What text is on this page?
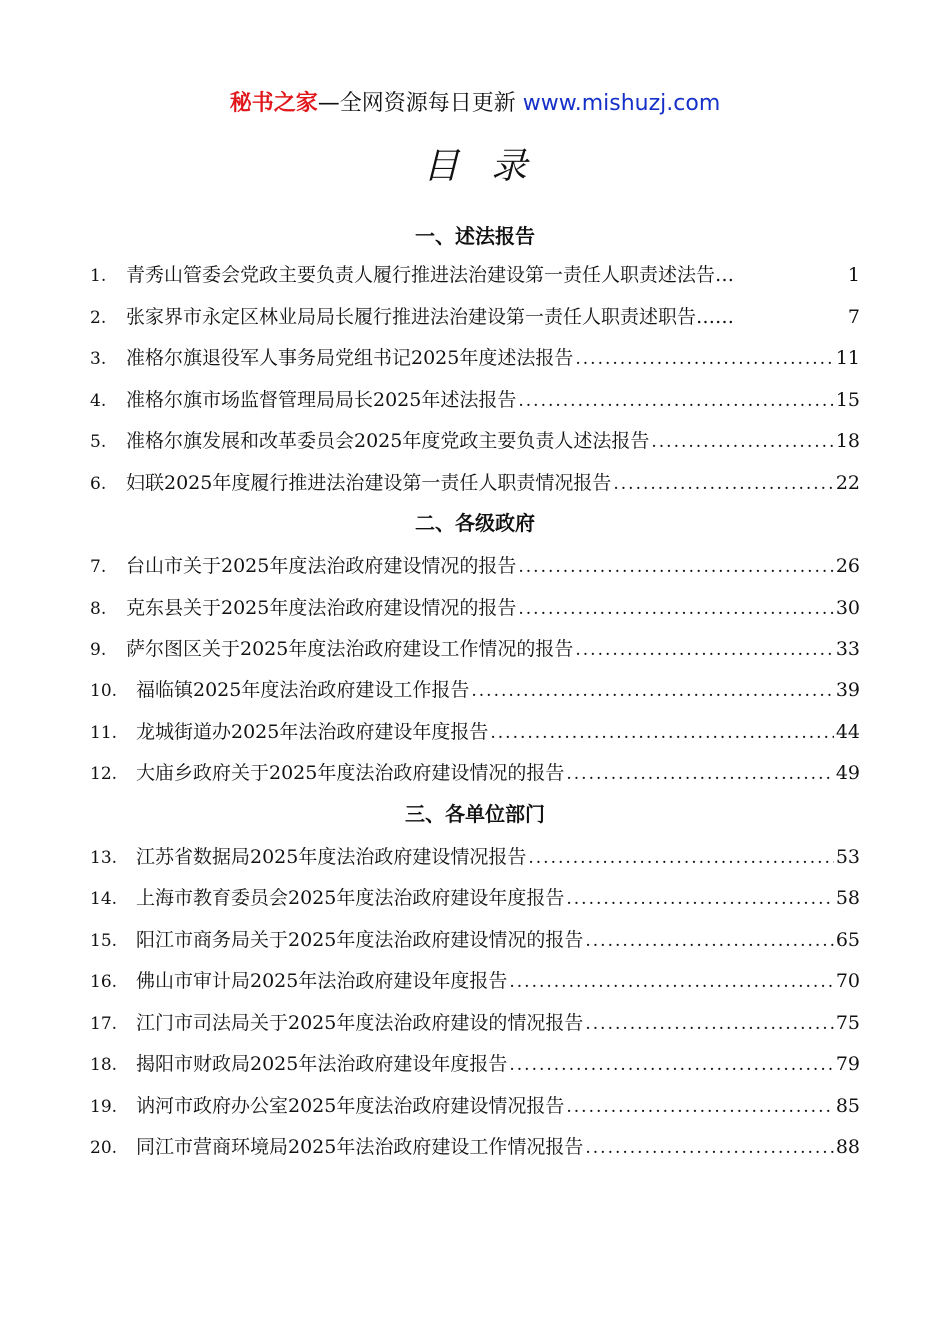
秘书之家—全网资源每日更新 www.mishuzj.com
目录
一、述法报告
1.	青秀山管委会党政主要负责人履行推进法治建设第一责任人职责述法告…	1
2.	张家界市永定区林业局局长履行推进法治建设第一责任人职责述职告……	7
3.	准格尔旗退役军人事务局党组书记2025年度述法报告 .....	11
4.	准格尔旗市场监督管理局局长2025年述法报告 .....	15
5.	准格尔旗发展和改革委员会2025年度党政主要负责人述法报告 .....	18
6.	妇联2025年度履行推进法治建设第一责任人职责情况报告 .....	22
二、各级政府
7.	台山市关于2025年度法治政府建设情况的报告 .....	26
8.	克东县关于2025年度法治政府建设情况的报告 .....	30
9.	萨尔图区关于2025年度法治政府建设工作情况的报告 .....	33
10. 福临镇2025年度法治政府建设工作报告 .....	39
11. 龙城街道办2025年法治政府建设年度报告 .....	44
12. 大庙乡政府关于2025年度法治政府建设情况的报告 .....	49
三、各单位部门
13. 江苏省数据局2025年度法治政府建设情况报告 .....	53
14. 上海市教育委员会2025年度法治政府建设年度报告 .....	58
15. 阳江市商务局关于2025年度法治政府建设情况的报告 .....	65
16. 佛山市审计局2025年法治政府建设年度报告 .....	70
17. 江门市司法局关于2025年度法治政府建设的情况报告 .....	75
18. 揭阳市财政局2025年法治政府建设年度报告 .....	79
19. 讷河市政府办公室2025年度法治政府建设情况报告 .....	85
20. 同江市营商环境局2025年法治政府建设工作情况报告 .....	88
